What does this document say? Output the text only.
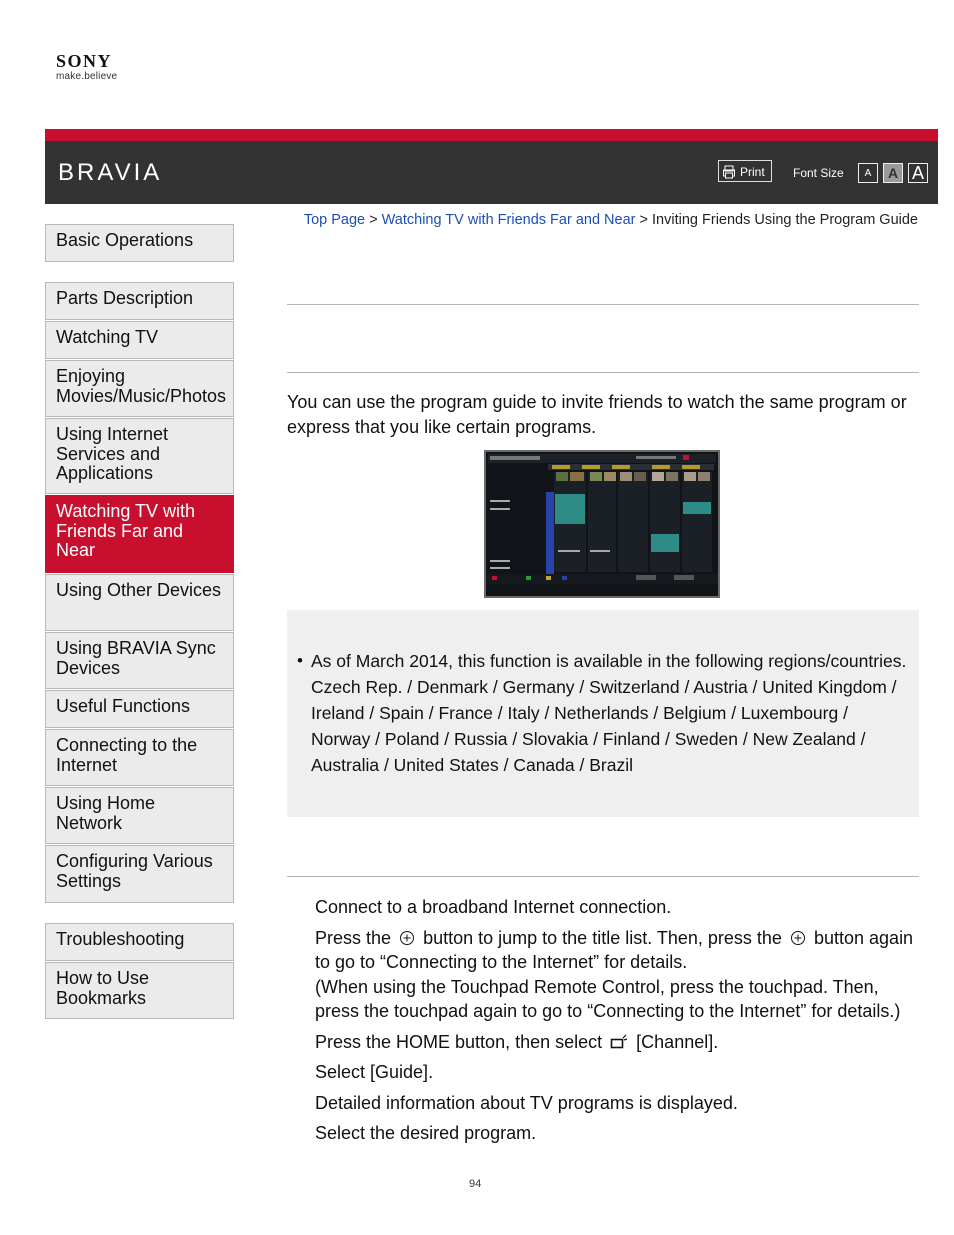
SONY
make.believe
BRAVIA	Print Font Size	A	A A
Top Page > Watching TV with Friends Far and Near > Inviting Friends Using the Program Guide
Basic Operations
Parts Description
Watching TV
Enjoying Movies/Music/Photos
Using Internet Services and Applications
Watching TV with Friends Far and Near
Using Other Devices
Using BRAVIA Sync Devices
Useful Functions
Connecting to the Internet
Using Home Network
Configuring Various Settings
Troubleshooting
How to Use Bookmarks
You can use the program guide to invite friends to watch the same program or express that you like certain programs.
• As of March 2014, this function is available in the following regions/countries.
Czech Rep. / Denmark / Germany / Switzerland / Austria / United Kingdom / Ireland / Spain / France / Italy / Netherlands / Belgium / Luxembourg / Norway / Poland / Russia / Slovakia / Finland / Sweden / New Zealand / Australia / United States / Canada / Brazil
Connect to a broadband Internet connection.
Press the button to jump to the title list. Then, press the button again to go to “Connecting to the Internet” for details.
(When using the Touchpad Remote Control, press the touchpad. Then, press the touchpad again to go to “Connecting to the Internet” for details.)
Press the HOME button, then select [Channel].
Select [Guide].
Detailed information about TV programs is displayed.
Select the desired program.
94
